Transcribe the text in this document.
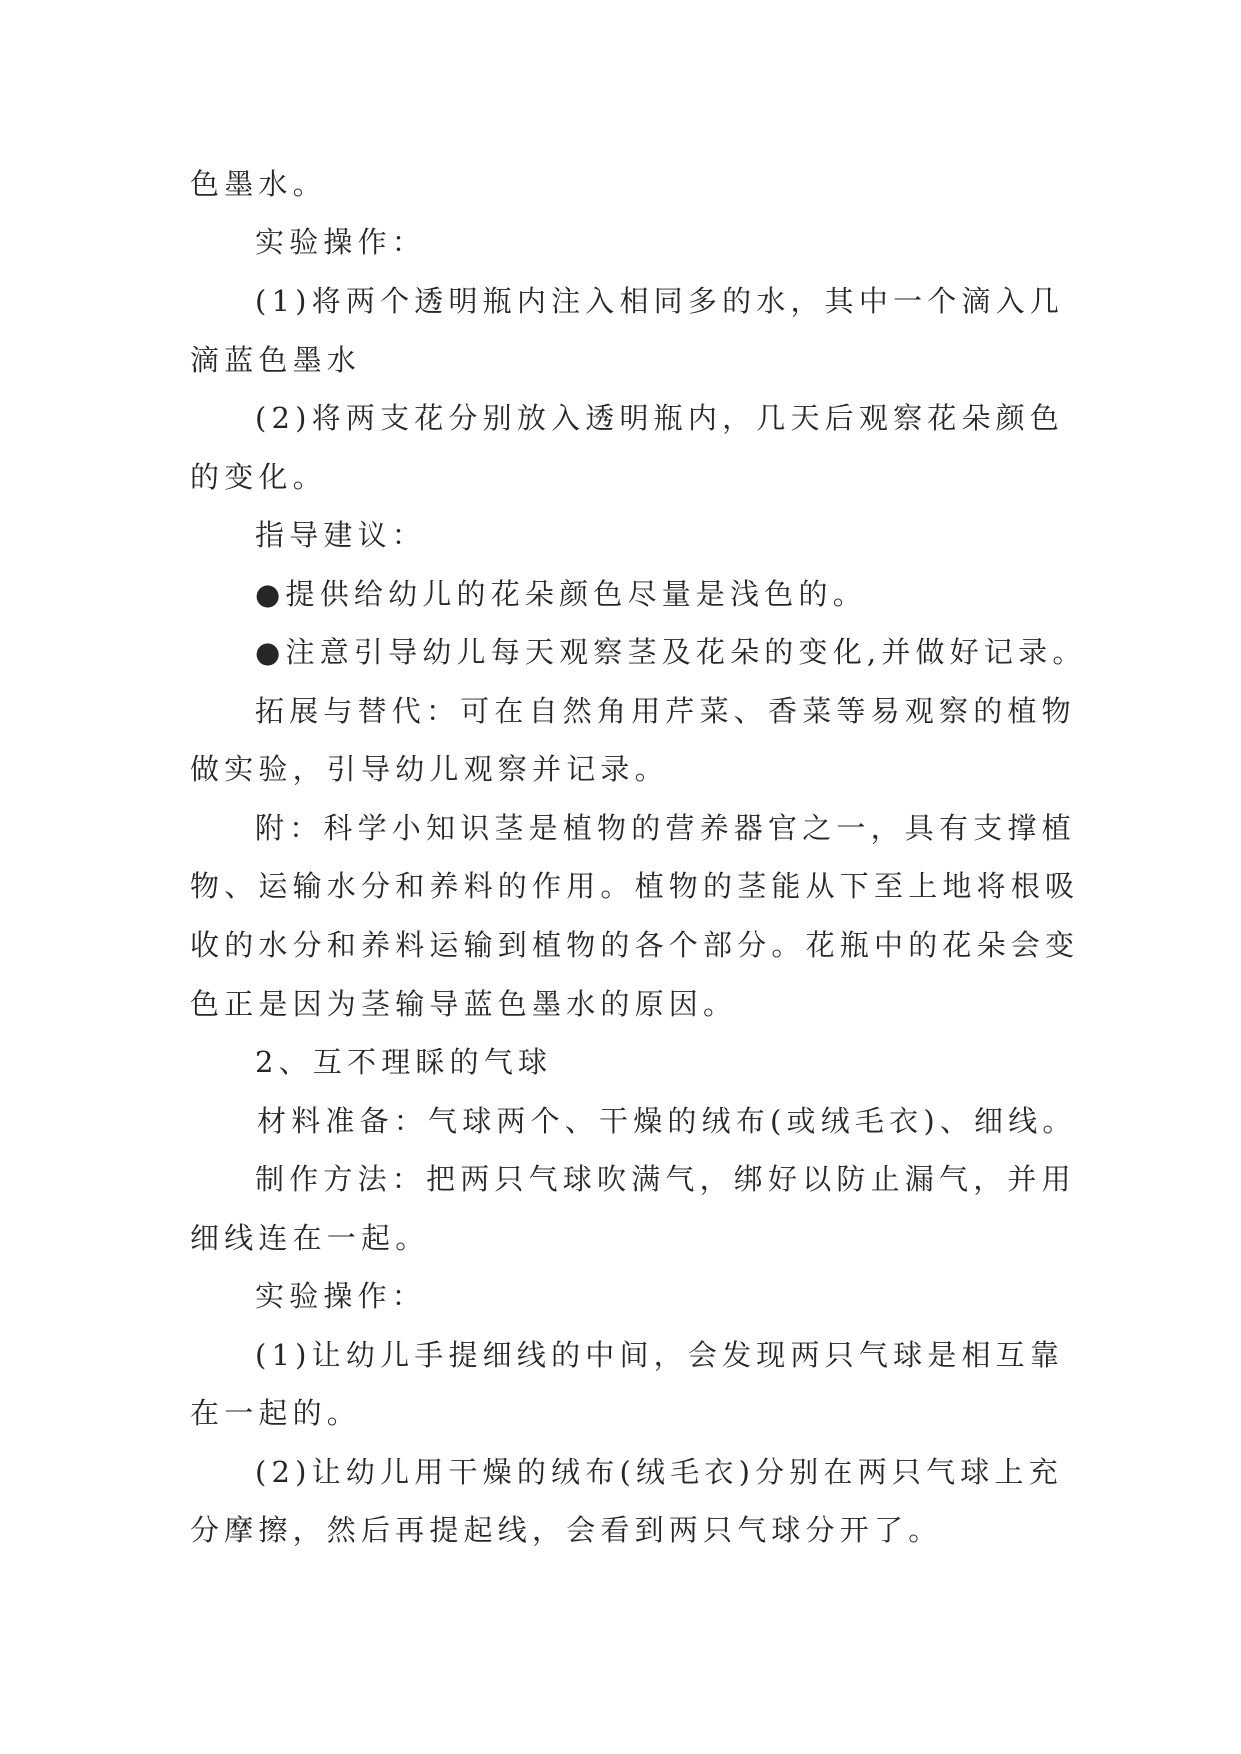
色墨水。
实验操作：
(1)将两个透明瓶内注入相同多的水，其中一个滴入几
滴蓝色墨水
(2)将两支花分别放入透明瓶内，几天后观察花朵颜色
的变化。
指导建议：
●提供给幼儿的花朵颜色尽量是浅色的。
●注意引导幼儿每天观察茎及花朵的变化,并做好记录。
拓展与替代：可在自然角用芹菜、香菜等易观察的植物
做实验，引导幼儿观察并记录。
附：科学小知识茎是植物的营养器官之一，具有支撑植
物、运输水分和养料的作用。植物的茎能从下至上地将根吸
收的水分和养料运输到植物的各个部分。花瓶中的花朵会变
色正是因为茎输导蓝色墨水的原因。
2、互不理睬的气球
材料准备：气球两个、干燥的绒布(或绒毛衣)、细线。
制作方法：把两只气球吹满气，绑好以防止漏气，并用
细线连在一起。
实验操作：
(1)让幼儿手提细线的中间，会发现两只气球是相互靠
在一起的。
(2)让幼儿用干燥的绒布(绒毛衣)分别在两只气球上充
分摩擦，然后再提起线，会看到两只气球分开了。
